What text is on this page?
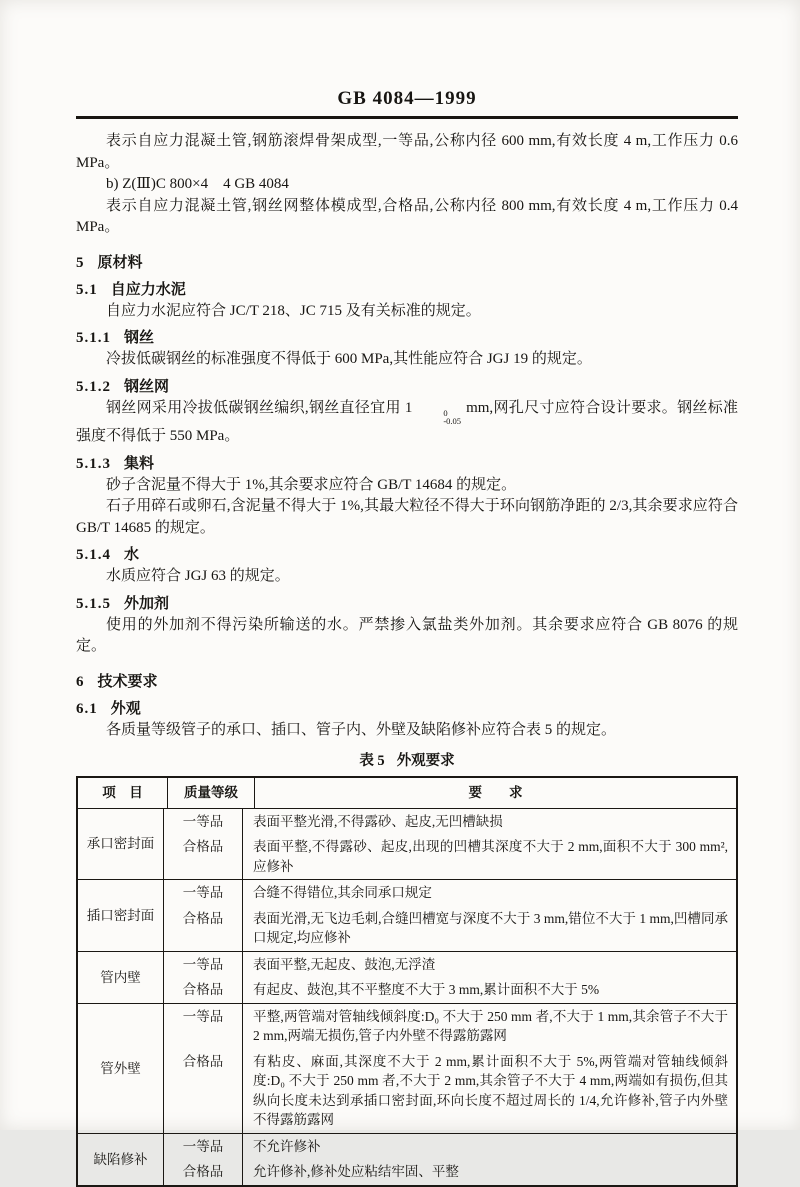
GB 4084—1999

表示自应力混凝土管,钢筋滚焊骨架成型,一等品,公称内径 600 mm,有效长度 4 m,工作压力 0.6 MPa。

b) Z(Ⅲ)C 800×4　4 GB 4084

表示自应力混凝土管,钢丝网整体模成型,合格品,公称内径 800 mm,有效长度 4 m,工作压力 0.4 MPa。

5 原材料

5.1 自应力水泥

自应力水泥应符合 JC/T 218、JC 715 及有关标准的规定。

5.1.1 钢丝

冷拔低碳钢丝的标准强度不得低于 600 MPa,其性能应符合 JGJ 19 的规定。

5.1.2 钢丝网

钢丝网采用冷拔低碳钢丝编织,钢丝直径宜用 1	0
-0.05
mm,网孔尺寸应符合设计要求。钢丝标准强度不得低于 550 MPa。

5.1.3 集料

砂子含泥量不得大于 1%,其余要求应符合 GB/T 14684 的规定。

石子用碎石或卵石,含泥量不得大于 1%,其最大粒径不得大于环向钢筋净距的 2/3,其余要求应符合 GB/T 14685 的规定。

5.1.4 水

水质应符合 JGJ 63 的规定。

5.1.5 外加剂

使用的外加剂不得污染所输送的水。严禁掺入氯盐类外加剂。其余要求应符合 GB 8076 的规定。

6 技术要求

6.1 外观

各质量等级管子的承口、插口、管子内、外壁及缺陷修补应符合表 5 的规定。

表 5 外观要求
项　目	质量等级	要　　求
承口密封面
一等品	表面平整光滑,不得露砂、起皮,无凹槽缺损
合格品	表面平整,不得露砂、起皮,出现的凹槽其深度不大于 2 mm,面积不大于 300 mm²,应修补
插口密封面
一等品	合缝不得错位,其余同承口规定
合格品	表面光滑,无飞边毛刺,合缝凹槽宽与深度不大于 3 mm,错位不大于 1 mm,凹槽同承口规定,均应修补
管内壁
一等品	表面平整,无起皮、鼓泡,无浮渣
合格品	有起皮、鼓泡,其不平整度不大于 3 mm,累计面积不大于 5%
管外壁
一等品	平整,两管端对管轴线倾斜度:D₀ 不大于 250 mm 者,不大于 1 mm,其余管子不大于 2 mm,两端无损伤,管子内外壁不得露筋露网
合格品	有粘皮、麻面,其深度不大于 2 mm,累计面积不大于 5%,两管端对管轴线倾斜度:D₀ 不大于 250 mm 者,不大于 2 mm,其余管子不大于 4 mm,两端如有损伤,但其纵向长度未达到承插口密封面,环向长度不超过周长的 1/4,允许修补,管子内外壁不得露筋露网
缺陷修补
一等品	不允许修补
合格品	允许修补,修补处应粘结牢固、平整
